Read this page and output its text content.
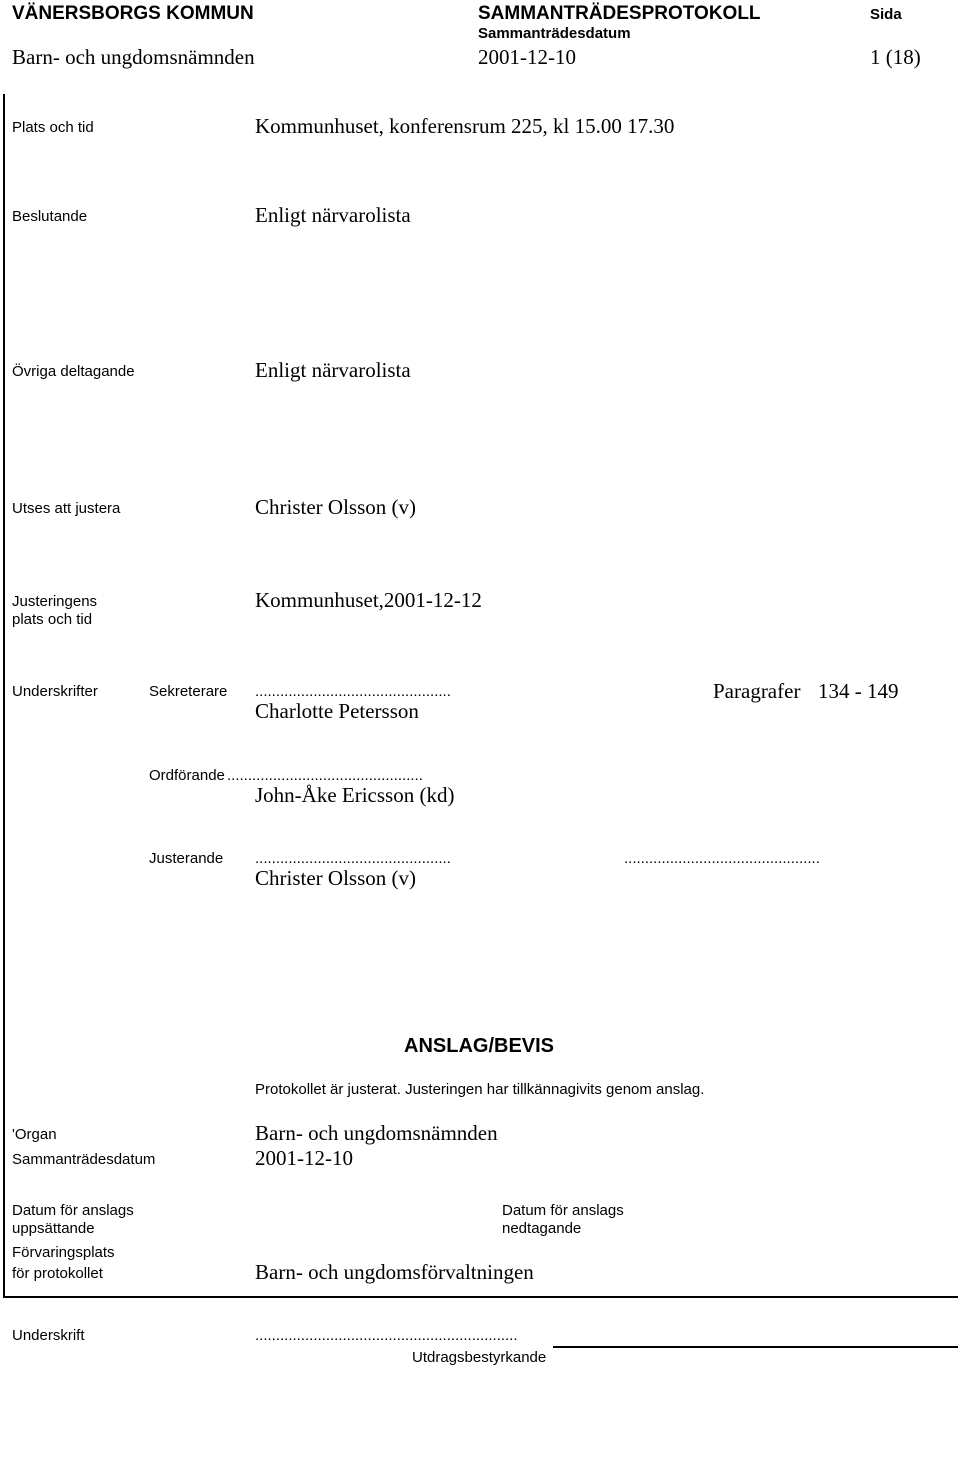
VÄNERSBORGS KOMMUN	SAMMANTRÄDESPROTOKOLL	Sida
Sammanträdesdatum
Barn- och ungdomsnämnden	2001-12-10	1 (18)
Plats och tid	Kommunhuset, konferensrum 225, kl 15.00 17.30
Beslutande	Enligt närvarolista
Övriga deltagande	Enligt närvarolista
Utses att justera	Christer Olsson (v)
Justeringens
plats och tid
Kommunhuset,2001-12-12
Underskrifter	Sekreterare ...............................................	Paragrafer 134 - 149
Charlotte Petersson
Ordförande ...............................................
John-Åke Ericsson (kd)
Justerande ...............................................	...............................................
Christer Olsson (v)
ANSLAG/BEVIS
Protokollet är justerat. Justeringen har tillkännagivits genom anslag.
'Organ	Barn- och ungdomsnämnden
Sammanträdesdatum	2001-12-10
Datum för anslags
uppsättande
Datum för anslags
nedtagande
Förvaringsplats
för protokollet	Barn- och ungdomsförvaltningen
Underskrift	...............................................................
Utdragsbestyrkande
